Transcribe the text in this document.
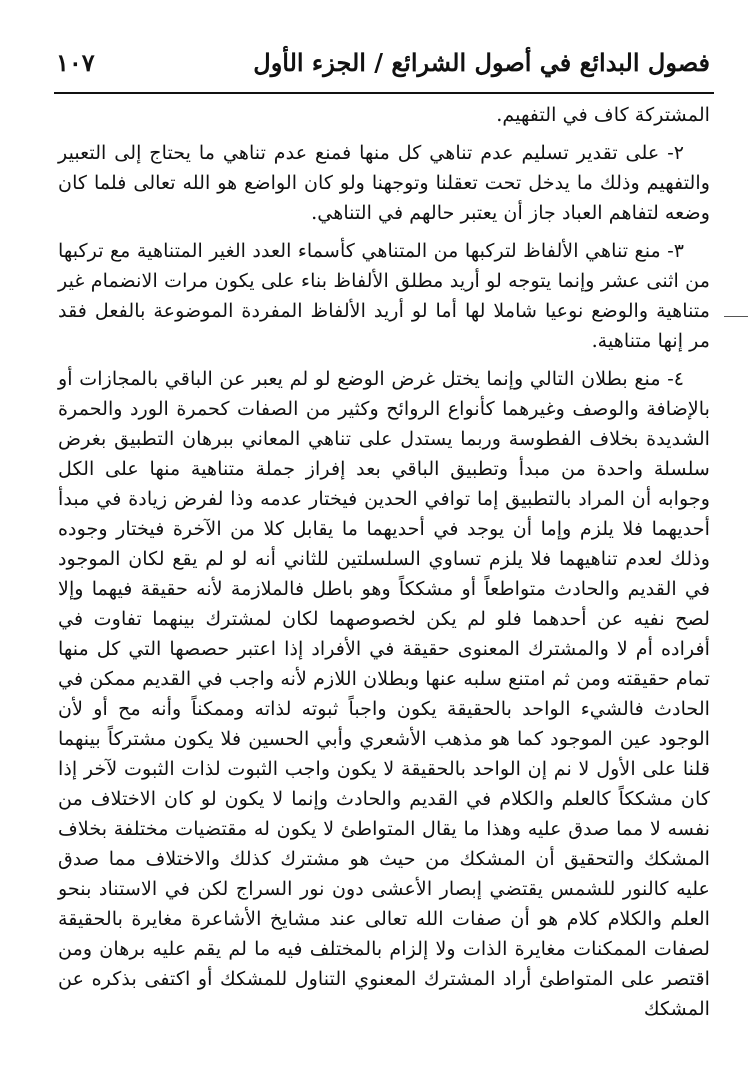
فصول البدائع في أصول الشرائع / الجزء الأول
١٠٧

المشتركة كاف في التفهيم.

٢- على تقدير تسليم عدم تناهي كل منها فمنع عدم تناهي ما يحتاج إلى التعبير والتفهيم وذلك ما يدخل تحت تعقلنا وتوجهنا ولو كان الواضع هو الله تعالى فلما كان وضعه لتفاهم العباد جاز أن يعتبر حالهم في التناهي.

٣- منع تناهي الألفاظ لتركبها من المتناهي كأسماء العدد الغير المتناهية مع تركبها من اثنى عشر وإنما يتوجه لو أريد مطلق الألفاظ بناء على يكون مرات الانضمام غير متناهية والوضع نوعيا شاملا لها أما لو أريد الألفاظ المفردة الموضوعة بالفعل فقد مر إنها متناهية.

٤- منع بطلان التالي وإنما يختل غرض الوضع لو لم يعبر عن الباقي بالمجازات أو بالإضافة والوصف وغيرهما كأنواع الروائح وكثير من الصفات كحمرة الورد والحمرة الشديدة بخلاف الفطوسة وربما يستدل على تناهي المعاني ببرهان التطبيق بغرض سلسلة واحدة من مبدأ وتطبيق الباقي بعد إفراز جملة متناهية منها على الكل وجوابه أن المراد بالتطبيق إما توافي الحدين فيختار عدمه وذا لفرض زيادة في مبدأ أحديهما فلا يلزم وإما أن يوجد في أحديهما ما يقابل كلا من الآخرة فيختار وجوده وذلك لعدم تناهيهما فلا يلزم تساوي السلسلتين للثاني أنه لو لم يقع لكان الموجود في القديم والحادث متواطعاً أو مشككاً وهو باطل فالملازمة لأنه حقيقة فيهما وإلا لصح نفيه عن أحدهما فلو لم يكن لخصوصهما لكان لمشترك بينهما تفاوت في أفراده أم لا والمشترك المعنوى حقيقة في الأفراد إذا اعتبر حصصها التي كل منها تمام حقيقته ومن ثم امتنع سلبه عنها وبطلان اللازم لأنه واجب في القديم ممكن في الحادث فالشيء الواحد بالحقيقة يكون واجباً ثبوته لذاته وممكناً وأنه مح أو لأن الوجود عين الموجود كما هو مذهب الأشعري وأبي الحسين فلا يكون مشتركاً بينهما قلنا على الأول لا نم إن الواحد بالحقيقة لا يكون واجب الثبوت لذات الثبوت لآخر إذا كان مشككاً كالعلم والكلام في القديم والحادث وإنما لا يكون لو كان الاختلاف من نفسه لا مما صدق عليه وهذا ما يقال المتواطئ لا يكون له مقتضيات مختلفة بخلاف المشكك والتحقيق أن المشكك من حيث هو مشترك كذلك والاختلاف مما صدق عليه كالنور للشمس يقتضي إبصار الأعشى دون نور السراج لكن في الاستناد بنحو العلم والكلام كلام هو أن صفات الله تعالى عند مشايخ الأشاعرة مغايرة بالحقيقة لصفات الممكنات مغايرة الذات ولا إلزام بالمختلف فيه ما لم يقم عليه برهان ومن اقتصر على المتواطئ أراد المشترك المعنوي التناول للمشكك أو اكتفى بذكره عن المشكك
